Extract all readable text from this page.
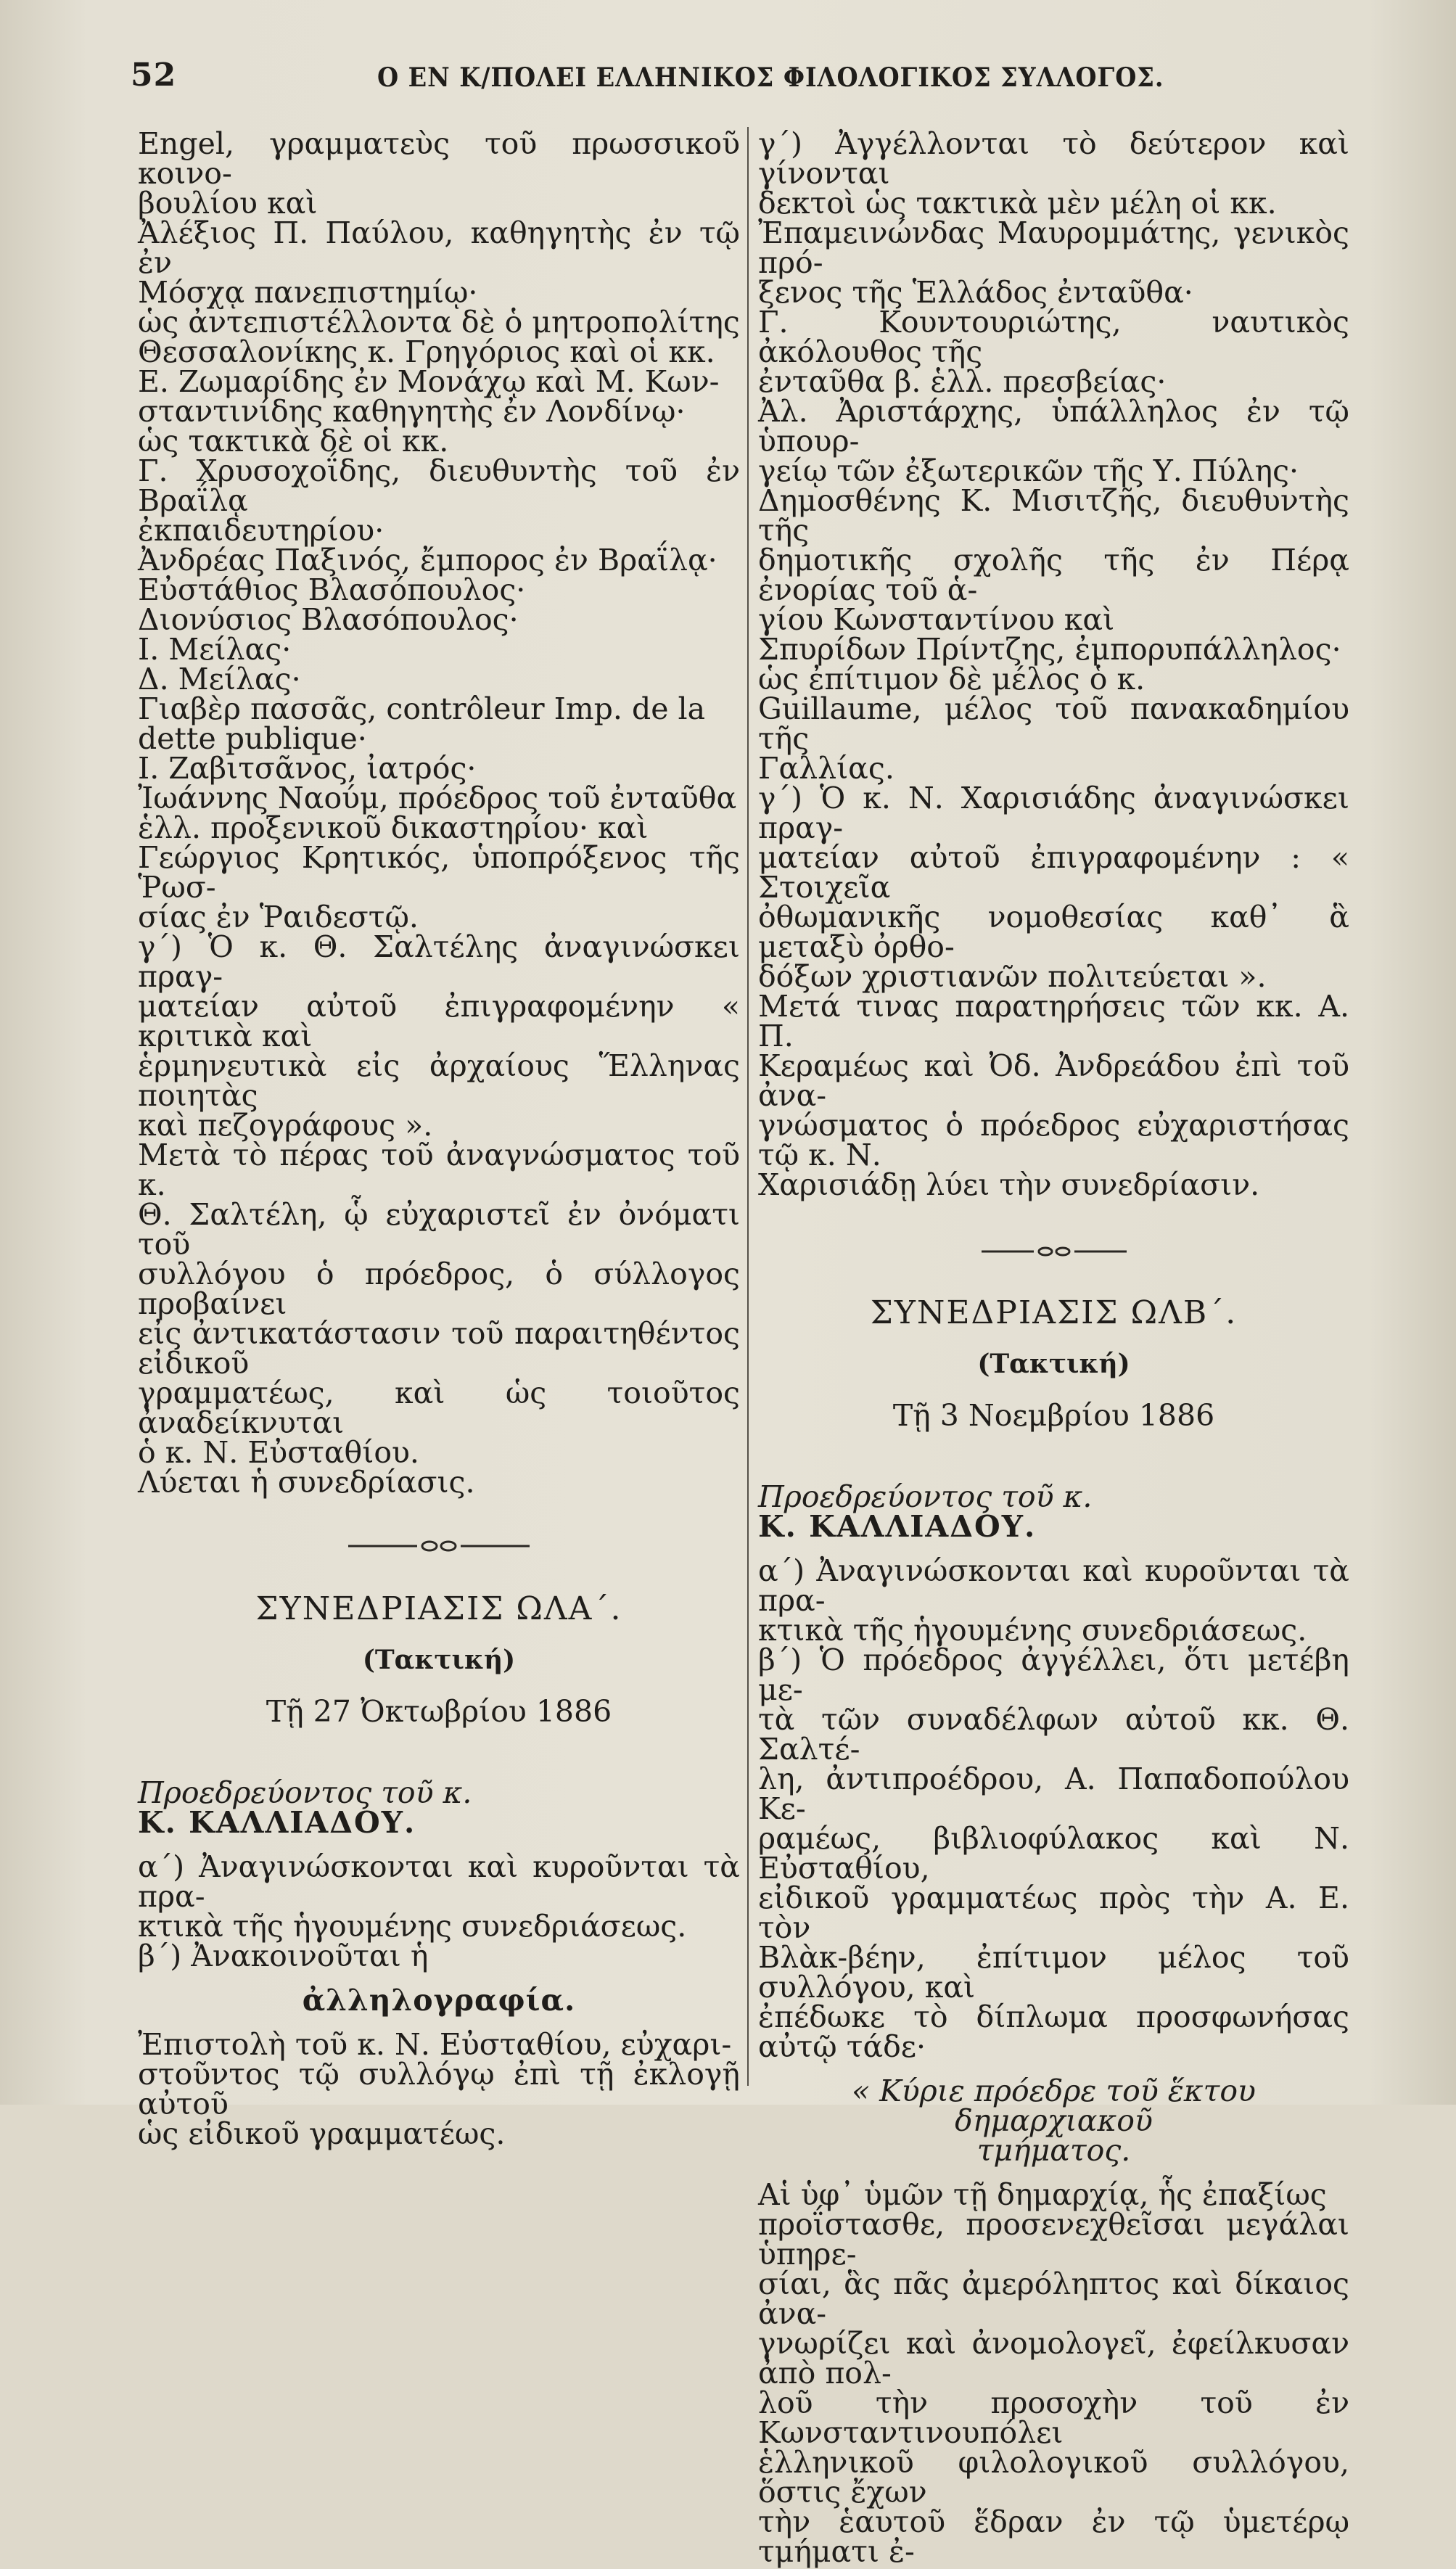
52	Ο ΕΝ Κ/ΠΟΛΕΙ ΕΛΛΗΝΙΚΟΣ ΦΙΛΟΛΟΓΙΚΟΣ ΣΥΛΛΟΓΟΣ.

Engel, γραμματεὺς τοῦ πρωσσικοῦ κοινο-
βουλίου καὶ
Ἀλέξιος Π. Παύλου, καθηγητὴς ἐν τῷ ἐν
Μόσχᾳ πανεπιστημίῳ·
ὡς ἀντεπιστέλλοντα δὲ ὁ μητροπολίτης
Θεσσαλονίκης κ. Γρηγόριος καὶ οἱ κκ.
Ε. Ζωμαρίδης ἐν Μονάχῳ καὶ Μ. Κων-
σταντινίδης καθηγητὴς ἐν Λονδίνῳ·
ὡς τακτικὰ δὲ οἱ κκ.
Γ. Χρυσοχοΐδης, διευθυντὴς τοῦ ἐν Βραΐλᾳ
ἐκπαιδευτηρίου·
Ἀνδρέας Παξινός, ἔμπορος ἐν Βραΐλᾳ·
Εὐστάθιος Βλασόπουλος·
Διονύσιος Βλασόπουλος·
Ι. Μείλας·
Δ. Μείλας·
Γιαβὲρ πασσᾶς, contrôleur Imp. de la
dette publique·
Ι. Ζαβιτσᾶνος, ἰατρός·
Ἰωάννης Ναούμ, πρόεδρος τοῦ ἐνταῦθα
ἑλλ. προξενικοῦ δικαστηρίου· καὶ
Γεώργιος Κρητικός, ὑποπρόξενος τῆς Ῥωσ-
σίας ἐν Ῥαιδεστῷ.

γ΄) Ὁ κ. Θ. Σαλτέλης ἀναγινώσκει πραγ-
ματείαν αὐτοῦ ἐπιγραφομένην « κριτικὰ καὶ
ἑρμηνευτικὰ εἰς ἀρχαίους Ἕλληνας ποιητὰς
καὶ πεζογράφους ».
Μετὰ τὸ πέρας τοῦ ἀναγνώσματος τοῦ κ.
Θ. Σαλτέλη, ᾧ εὐχαριστεῖ ἐν ὀνόματι τοῦ
συλλόγου ὁ πρόεδρος, ὁ σύλλογος προβαίνει
εἰς ἀντικατάστασιν τοῦ παραιτηθέντος εἰδικοῦ
γραμματέως, καὶ ὡς τοιοῦτος ἀναδείκνυται
ὁ κ. Ν. Εὐσταθίου.
Λύεται ἡ συνεδρίασις.

ΣΥΝΕΔΡΙΑΣΙΣ ΩΛΑ΄.

(Τακτική)

Τῇ 27 Ὀκτωβρίου 1886

Προεδρεύοντος τοῦ κ.
Κ. ΚΑΛΛΙΑΔΟΥ.

α΄) Ἀναγινώσκονται καὶ κυροῦνται τὰ πρα-
κτικὰ τῆς ἡγουμένης συνεδριάσεως.
β΄) Ἀνακοινοῦται ἡ

ἀλληλογραφία.

Ἐπιστολὴ τοῦ κ. Ν. Εὐσταθίου, εὐχαρι-
στοῦντος τῷ συλλόγῳ ἐπὶ τῇ ἐκλογῇ αὐτοῦ
ὡς εἰδικοῦ γραμματέως.

γ΄) Ἀγγέλλονται τὸ δεύτερον καὶ γίνονται
δεκτοὶ ὡς τακτικὰ μὲν μέλη οἱ κκ.
Ἐπαμεινώνδας Μαυρομμάτης, γενικὸς πρό-
ξενος τῆς Ἑλλάδος ἐνταῦθα·
Γ. Κουντουριώτης, ναυτικὸς ἀκόλουθος τῆς
ἐνταῦθα β. ἑλλ. πρεσβείας·
Ἀλ. Ἀριστάρχης, ὑπάλληλος ἐν τῷ ὑπουρ-
γείῳ τῶν ἐξωτερικῶν τῆς Υ. Πύλης·
Δημοσθένης Κ. Μισιτζῆς, διευθυντὴς τῆς
δημοτικῆς σχολῆς τῆς ἐν Πέρᾳ ἐνορίας τοῦ ἁ-
γίου Κωνσταντίνου καὶ
Σπυρίδων Πρίντζης, ἐμπορυπάλληλος·
ὡς ἐπίτιμον δὲ μέλος ὁ κ.
Guillaume, μέλος τοῦ πανακαδημίου τῆς
Γαλλίας.

γ΄) Ὁ κ. Ν. Χαρισιάδης ἀναγινώσκει πραγ-
ματείαν αὐτοῦ ἐπιγραφομένην : « Στοιχεῖα
ὀθωμανικῆς νομοθεσίας καθ᾽ ἃ μεταξὺ ὀρθο-
δόξων χριστιανῶν πολιτεύεται ».
Μετά τινας παρατηρήσεις τῶν κκ. Α. Π.
Κεραμέως καὶ Ὀδ. Ἀνδρεάδου ἐπὶ τοῦ ἀνα-
γνώσματος ὁ πρόεδρος εὐχαριστήσας τῷ κ. Ν.
Χαρισιάδῃ λύει τὴν συνεδρίασιν.

ΣΥΝΕΔΡΙΑΣΙΣ ΩΛΒ΄.

(Τακτική)

Τῇ 3 Νοεμβρίου 1886

Προεδρεύοντος τοῦ κ.
Κ. ΚΑΛΛΙΑΔΟΥ.

α΄) Ἀναγινώσκονται καὶ κυροῦνται τὰ πρα-
κτικὰ τῆς ἡγουμένης συνεδριάσεως.
β΄) Ὁ πρόεδρος ἀγγέλλει, ὅτι μετέβη με-
τὰ τῶν συναδέλφων αὐτοῦ κκ. Θ. Σαλτέ-
λη, ἀντιπροέδρου, Α. Παπαδοπούλου Κε-
ραμέως, βιβλιοφύλακος καὶ Ν. Εὐσταθίου,
εἰδικοῦ γραμματέως πρὸς τὴν Α. Ε. τὸν
Βλὰκ-βέην, ἐπίτιμον μέλος τοῦ συλλόγου, καὶ
ἐπέδωκε τὸ δίπλωμα προσφωνήσας αὐτῷ τάδε·

« Κύριε πρόεδρε τοῦ ἕκτου δημαρχιακοῦ
τμήματος.

Αἱ ὑφ᾽ ὑμῶν τῇ δημαρχίᾳ, ἧς ἐπαξίως
προΐστασθε, προσενεχθεῖσαι μεγάλαι ὑπηρε-
σίαι, ἃς πᾶς ἀμερόληπτος καὶ δίκαιος ἀνα-
γνωρίζει καὶ ἀνομολογεῖ, ἐφείλκυσαν ἀπὸ πολ-
λοῦ τὴν προσοχὴν τοῦ ἐν Κωνσταντινουπόλει
ἑλληνικοῦ φιλολογικοῦ συλλόγου, ὅστις ἔχων
τὴν ἑαυτοῦ ἕδραν ἐν τῷ ὑμετέρῳ τμήματι ἐ-
